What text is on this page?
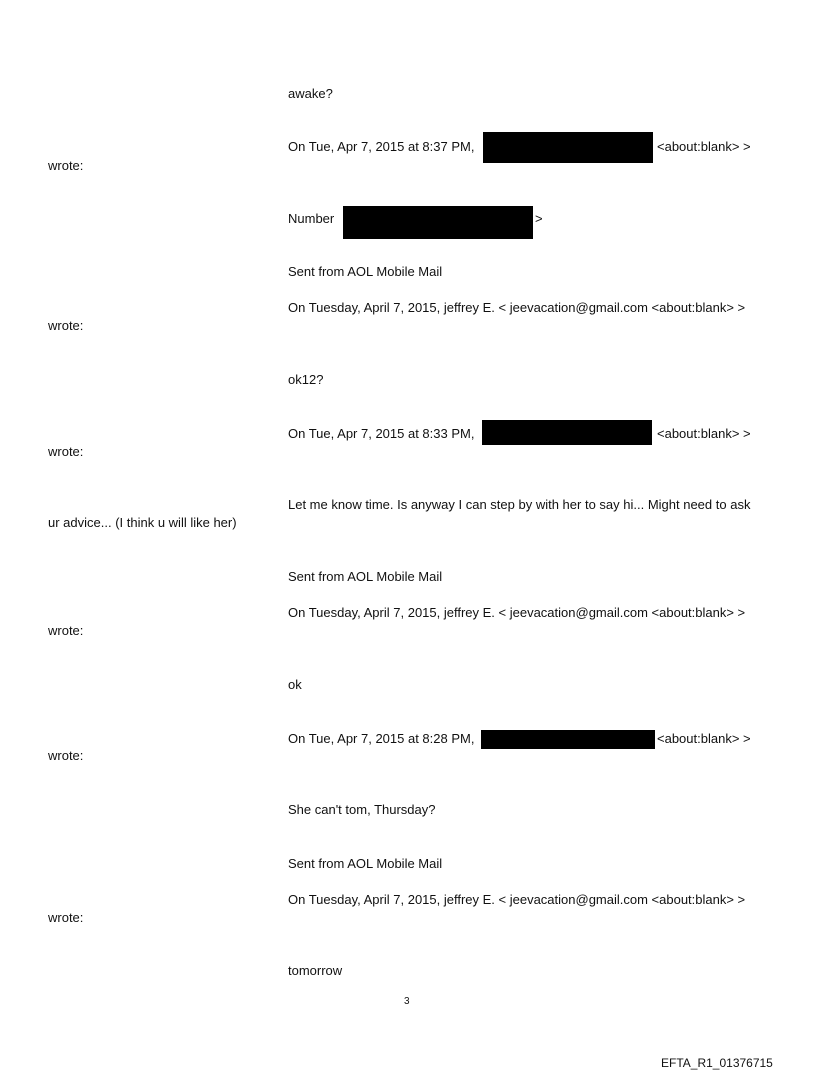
awake?
On Tue, Apr 7, 2015 at 8:37 PM,	<about:blank> >
wrote:
Number	>
Sent from AOL Mobile Mail
On Tuesday, April 7, 2015, jeffrey E. < jeevacation@gmail.com <about:blank> >
wrote:
ok12?
On Tue, Apr 7, 2015 at 8:33 PM,	<about:blank> >
wrote:
Let me know time. Is anyway I can step by with her to say hi... Might need to ask
ur advice... (I think u will like her)
Sent from AOL Mobile Mail
On Tuesday, April 7, 2015, jeffrey E. < jeevacation@gmail.com <about:blank> >
wrote:
ok
On Tue, Apr 7, 2015 at 8:28 PM,	<about:blank> >
wrote:
She can't tom, Thursday?
Sent from AOL Mobile Mail
On Tuesday, April 7, 2015, jeffrey E. < jeevacation@gmail.com <about:blank> >
wrote:
tomorrow
3
EFTA_R1_01376715
